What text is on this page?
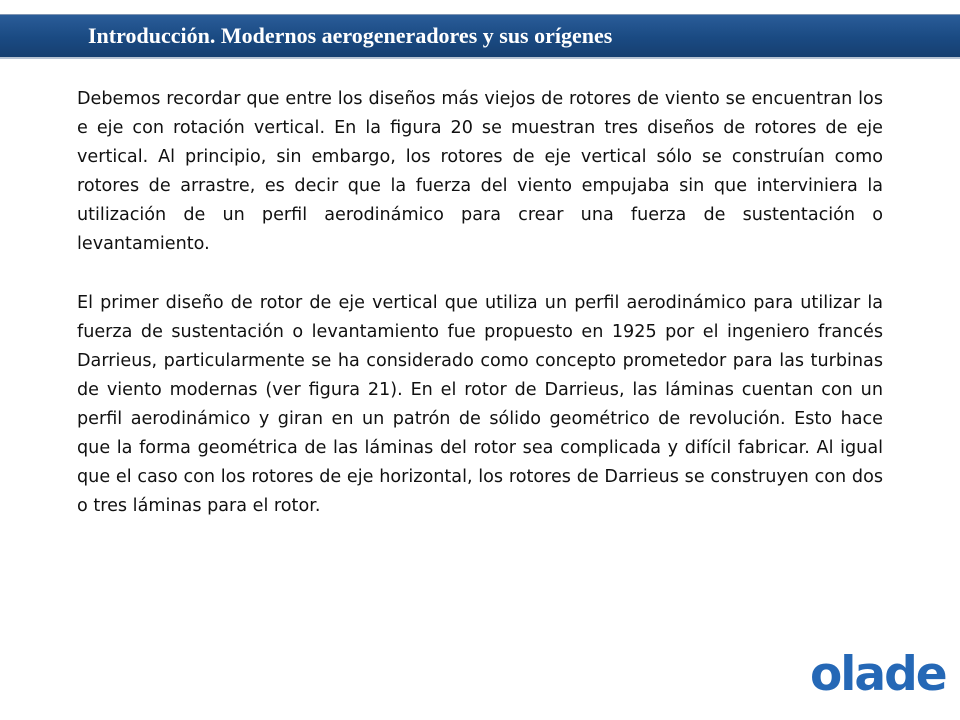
Introducción. Modernos aerogeneradores y sus orígenes

Debemos recordar que entre los diseños más viejos de rotores de viento se encuentran los e eje con rotación vertical. En la figura 20 se muestran tres diseños de rotores de eje vertical. Al principio, sin embargo, los rotores de eje vertical sólo se construían como rotores de arrastre, es decir que la fuerza del viento empujaba sin que interviniera la utilización de un perfil aerodinámico para crear una fuerza de sustentación o levantamiento.

El primer diseño de rotor de eje vertical que utiliza un perfil aerodinámico para utilizar la fuerza de sustentación o levantamiento fue propuesto en 1925 por el ingeniero francés Darrieus, particularmente se ha considerado como concepto prometedor para las turbinas de viento modernas (ver figura 21). En el rotor de Darrieus, las láminas cuentan con un perfil aerodinámico y giran en un patrón de sólido geométrico de revolución. Esto hace que la forma geométrica de las láminas del rotor sea complicada y difícil fabricar. Al igual que el caso con los rotores de eje horizontal, los rotores de Darrieus se construyen con dos o tres láminas para el rotor.

olade
